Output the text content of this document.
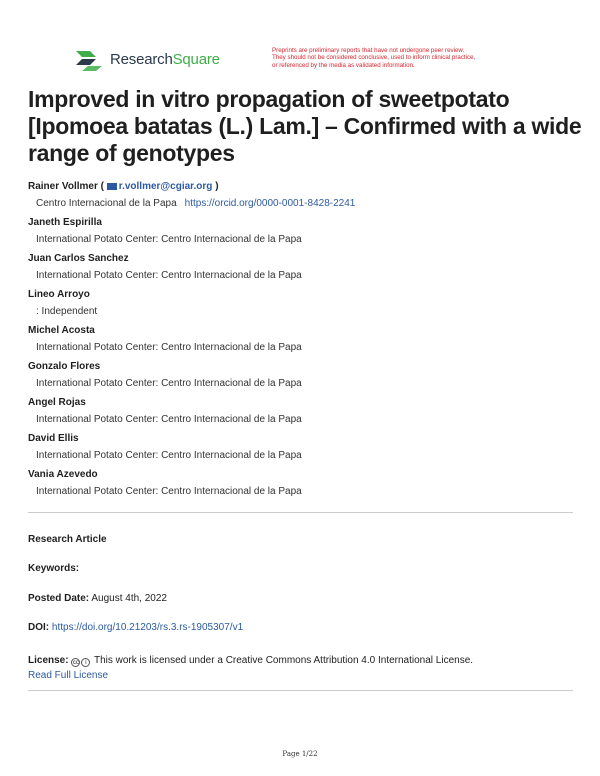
ResearchSquare	Preprints are preliminary reports that have not undergone peer review.
They should not be considered conclusive, used to inform clinical practice,
or referenced by the media as validated information.
Improved in vitro propagation of sweetpotato [Ipomoea batatas (L.) Lam.] – Confirmed with a wide range of genotypes
Rainer Vollmer ( r.vollmer@cgiar.org )
Centro Internacional de la Papa https://orcid.org/0000-0001-8428-2241
Janeth Espirilla
International Potato Center: Centro Internacional de la Papa
Juan Carlos Sanchez
International Potato Center: Centro Internacional de la Papa
Lineo Arroyo
: Independent
Michel Acosta
International Potato Center: Centro Internacional de la Papa
Gonzalo Flores
International Potato Center: Centro Internacional de la Papa
Angel Rojas
International Potato Center: Centro Internacional de la Papa
David Ellis
International Potato Center: Centro Internacional de la Papa
Vania Azevedo
International Potato Center: Centro Internacional de la Papa
Research Article
Keywords:
Posted Date: August 4th, 2022
DOI: https://doi.org/10.21203/rs.3.rs-1905307/v1
License: cc i This work is licensed under a Creative Commons Attribution 4.0 International License.
Read Full License
Page 1/22
